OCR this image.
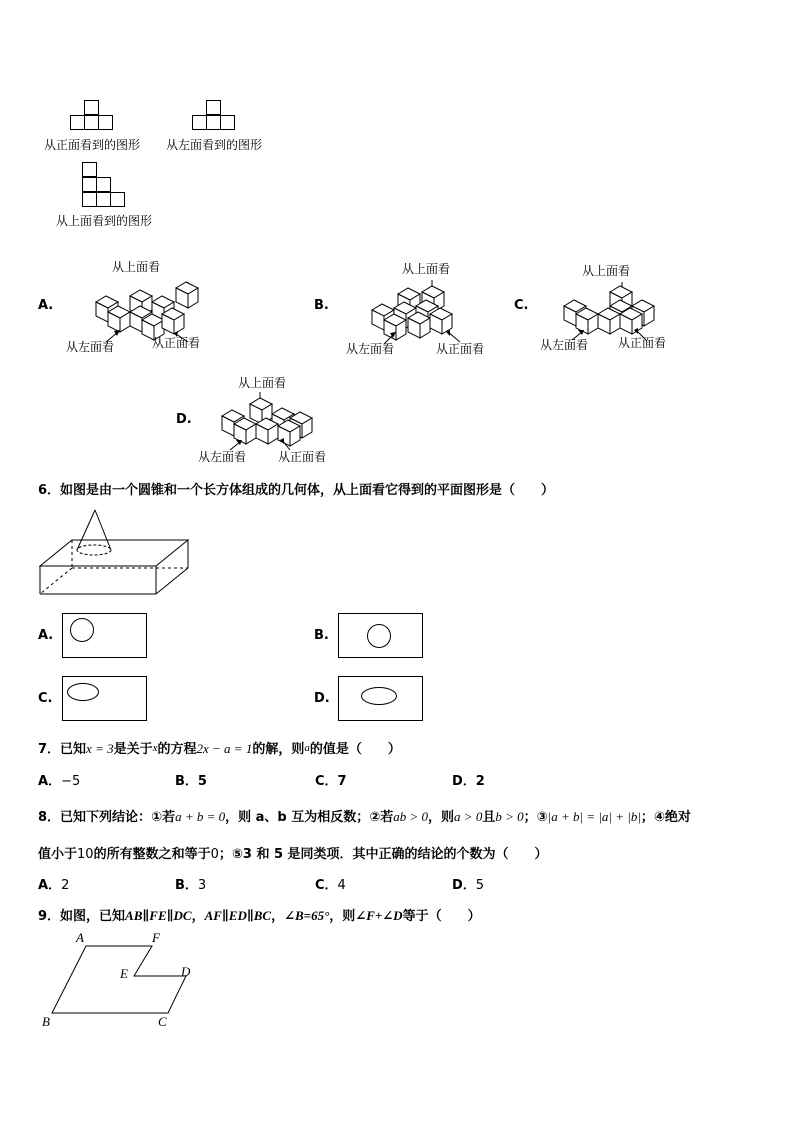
从正面看到的图形 从左面看到的图形
从上面看到的图形
A.
从上面看
从左面看	从正面看
B.
从上面看
从左面看	从正面看
C.
从上面看
从左面看 从正面看
D.
从上面看
从左面看	从正面看
6．如图是由一个圆锥和一个长方体组成的几何体，从上面看它得到的平面图形是（　　）
A.	B.
C.	D.
7．已知x = 3是关于x的方程2x − a = 1的解，则a的值是（　　）
A．−5	B．5	C．7	D．2
8．已知下列结论：①若a + b = 0，则 a、b 互为相反数；②若ab > 0，则a > 0且b > 0；③|a + b| = |a| + |b|；④绝对
值小于10的所有整数之和等于0；⑤3 和 5 是同类项．其中正确的结论的个数为（　　）
A．2	B．3	C．4	D．5
9．如图，已知AB∥FE∥DC，AF∥ED∥BC，∠B=65°，则∠F+∠D等于（　　）
A	F
E	D
B	C
